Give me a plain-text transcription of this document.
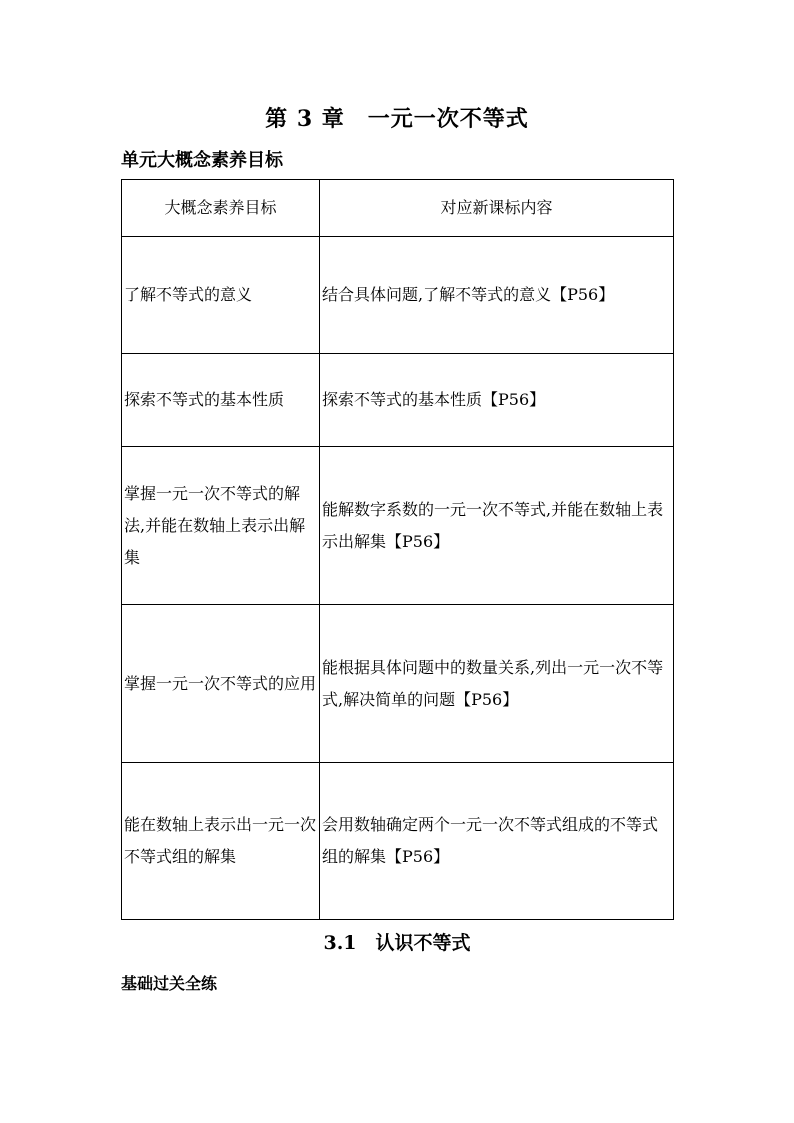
第 3 章　一元一次不等式
单元大概念素养目标
大概念素养目标	对应新课标内容
了解不等式的意义	结合具体问题,了解不等式的意义【P56】
探索不等式的基本性质	探索不等式的基本性质【P56】
掌握一元一次不等式的解法,并能在数轴上表示出解集	能解数字系数的一元一次不等式,并能在数轴上表示出解集【P56】
掌握一元一次不等式的应用	能根据具体问题中的数量关系,列出一元一次不等式,解决简单的问题【P56】
能在数轴上表示出一元一次不等式组的解集	会用数轴确定两个一元一次不等式组成的不等式组的解集【P56】
3.1　认识不等式
基础过关全练
